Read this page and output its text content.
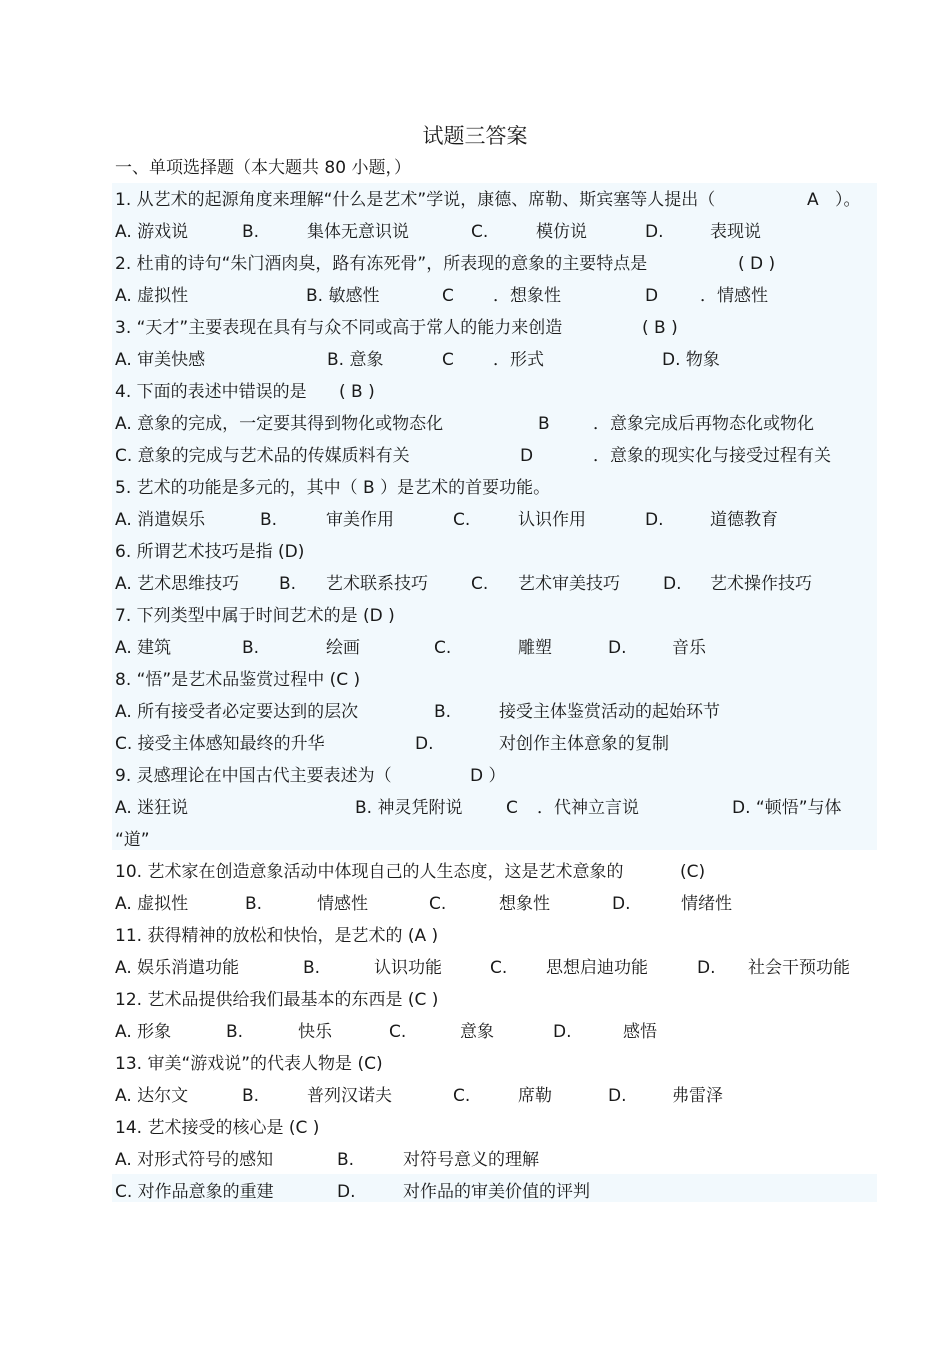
试题三答案
一、单项选择题（本大题共 80 小题，）
1. 从艺术的起源角度来理解“什么是艺术”学说，康德、席勒、斯宾塞等人提出（	A ）。
A. 游戏说	B.	集体无意识说	C.	模仿说	D.	表现说
2. 杜甫的诗句“朱门酒肉臭，路有冻死骨”，所表现的意象的主要特点是	( D )
A. 虚拟性	B. 敏感性	C ．想象性	D ．情感性
3. “天才”主要表现在具有与众不同或高于常人的能力来创造	( B )
A. 审美快感	B. 意象	C ．形式	D. 物象
4. 下面的表述中错误的是 ( B )
A. 意象的完成，一定要其得到物化或物态化	B	．意象完成后再物态化或物化
C. 意象的完成与艺术品的传媒质料有关	D	．意象的现实化与接受过程有关
5. 艺术的功能是多元的，其中（ B ）是艺术的首要功能。
A. 消遣娱乐	B.	审美作用	C.	认识作用	D.	道德教育
6. 所谓艺术技巧是指 (D)
A. 艺术思维技巧 B. 艺术联系技巧	C. 艺术审美技巧	D. 艺术操作技巧
7. 下列类型中属于时间艺术的是 (D )
A. 建筑	B.	绘画	C.	雕塑	D.	音乐
8. “悟”是艺术品鉴赏过程中 (C )
A. 所有接受者必定要达到的层次	B.	接受主体鉴赏活动的起始环节
C. 接受主体感知最终的升华	D.	对创作主体意象的复制
9. 灵感理论在中国古代主要表述为（	D ）
A. 迷狂说	B. 神灵凭附说	C ．代神立言说	D. “顿悟”与体
“道”
10. 艺术家在创造意象活动中体现自己的人生态度，这是艺术意象的	(C)
A. 虚拟性	B.	情感性	C.	想象性	D.	情绪性
11. 获得精神的放松和快怡，是艺术的 (A )
A. 娱乐消遣功能	B.	认识功能	C. 思想启迪功能	D. 社会干预功能
12. 艺术品提供给我们最基本的东西是 (C )
A. 形象	B.	快乐	C.	意象	D.	感悟
13. 审美“游戏说”的代表人物是 (C)
A. 达尔文	B.	普列汉诺夫	C.	席勒	D.	弗雷泽
14. 艺术接受的核心是 (C )
A. 对形式符号的感知	B.	对符号意义的理解
C. 对作品意象的重建	D.	对作品的审美价值的评判
